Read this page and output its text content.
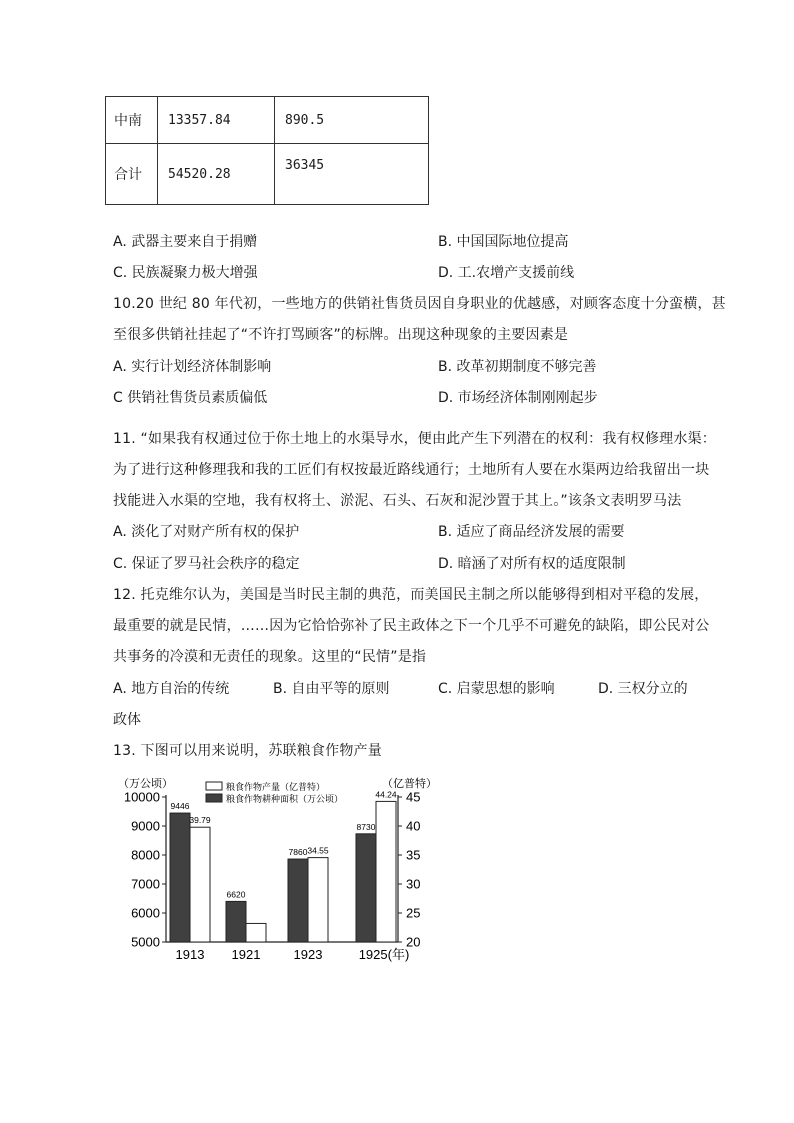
中南	13357.84	890.5
合计	54520.28	36345
A. 武器主要来自于捐赠	B. 中国国际地位提高
C. 民族凝聚力极大增强	D. 工.农增产支援前线
10.20 世纪 80 年代初，一些地方的供销社售货员因自身职业的优越感，对顾客态度十分蛮横，甚
至很多供销社挂起了“不许打骂顾客”的标牌。出现这种现象的主要因素是
A. 实行计划经济体制影响	B. 改革初期制度不够完善
C 供销社售货员素质偏低	D. 市场经济体制刚刚起步
11. “如果我有权通过位于你土地上的水渠导水，便由此产生下列潜在的权利：我有权修理水渠：
为了进行这种修理我和我的工匠们有权按最近路线通行；土地所有人要在水渠两边给我留出一块
找能进入水渠的空地，我有权将土、淤泥、石头、石灰和泥沙置于其上。”该条文表明罗马法
A. 淡化了对财产所有权的保护	B. 适应了商品经济发展的需要
C. 保证了罗马社会秩序的稳定	D. 暗涵了对所有权的适度限制
12. 托克维尔认为，美国是当时民主制的典范，而美国民主制之所以能够得到相对平稳的发展，
最重要的就是民情，……因为它恰恰弥补了民主政体之下一个几乎不可避免的缺陷，即公民对公
共事务的冷漠和无责任的现象。这里的“民情”是指
A. 地方自治的传统	B. 自由平等的原则	C. 启蒙思想的影响	D. 三权分立的
政体
13. 下图可以用来说明，苏联粮食作物产量
5000
6000
7000
8000
9000
10000
20
25
30
35
40
45
（万公顷）	（亿普特）
粮食作物产量（亿普特）
粮食作物耕种面积（万公顷）
9446
39.79
1913
6620
1921
7860 34.55
1923
8730
44.24
1925(年)
